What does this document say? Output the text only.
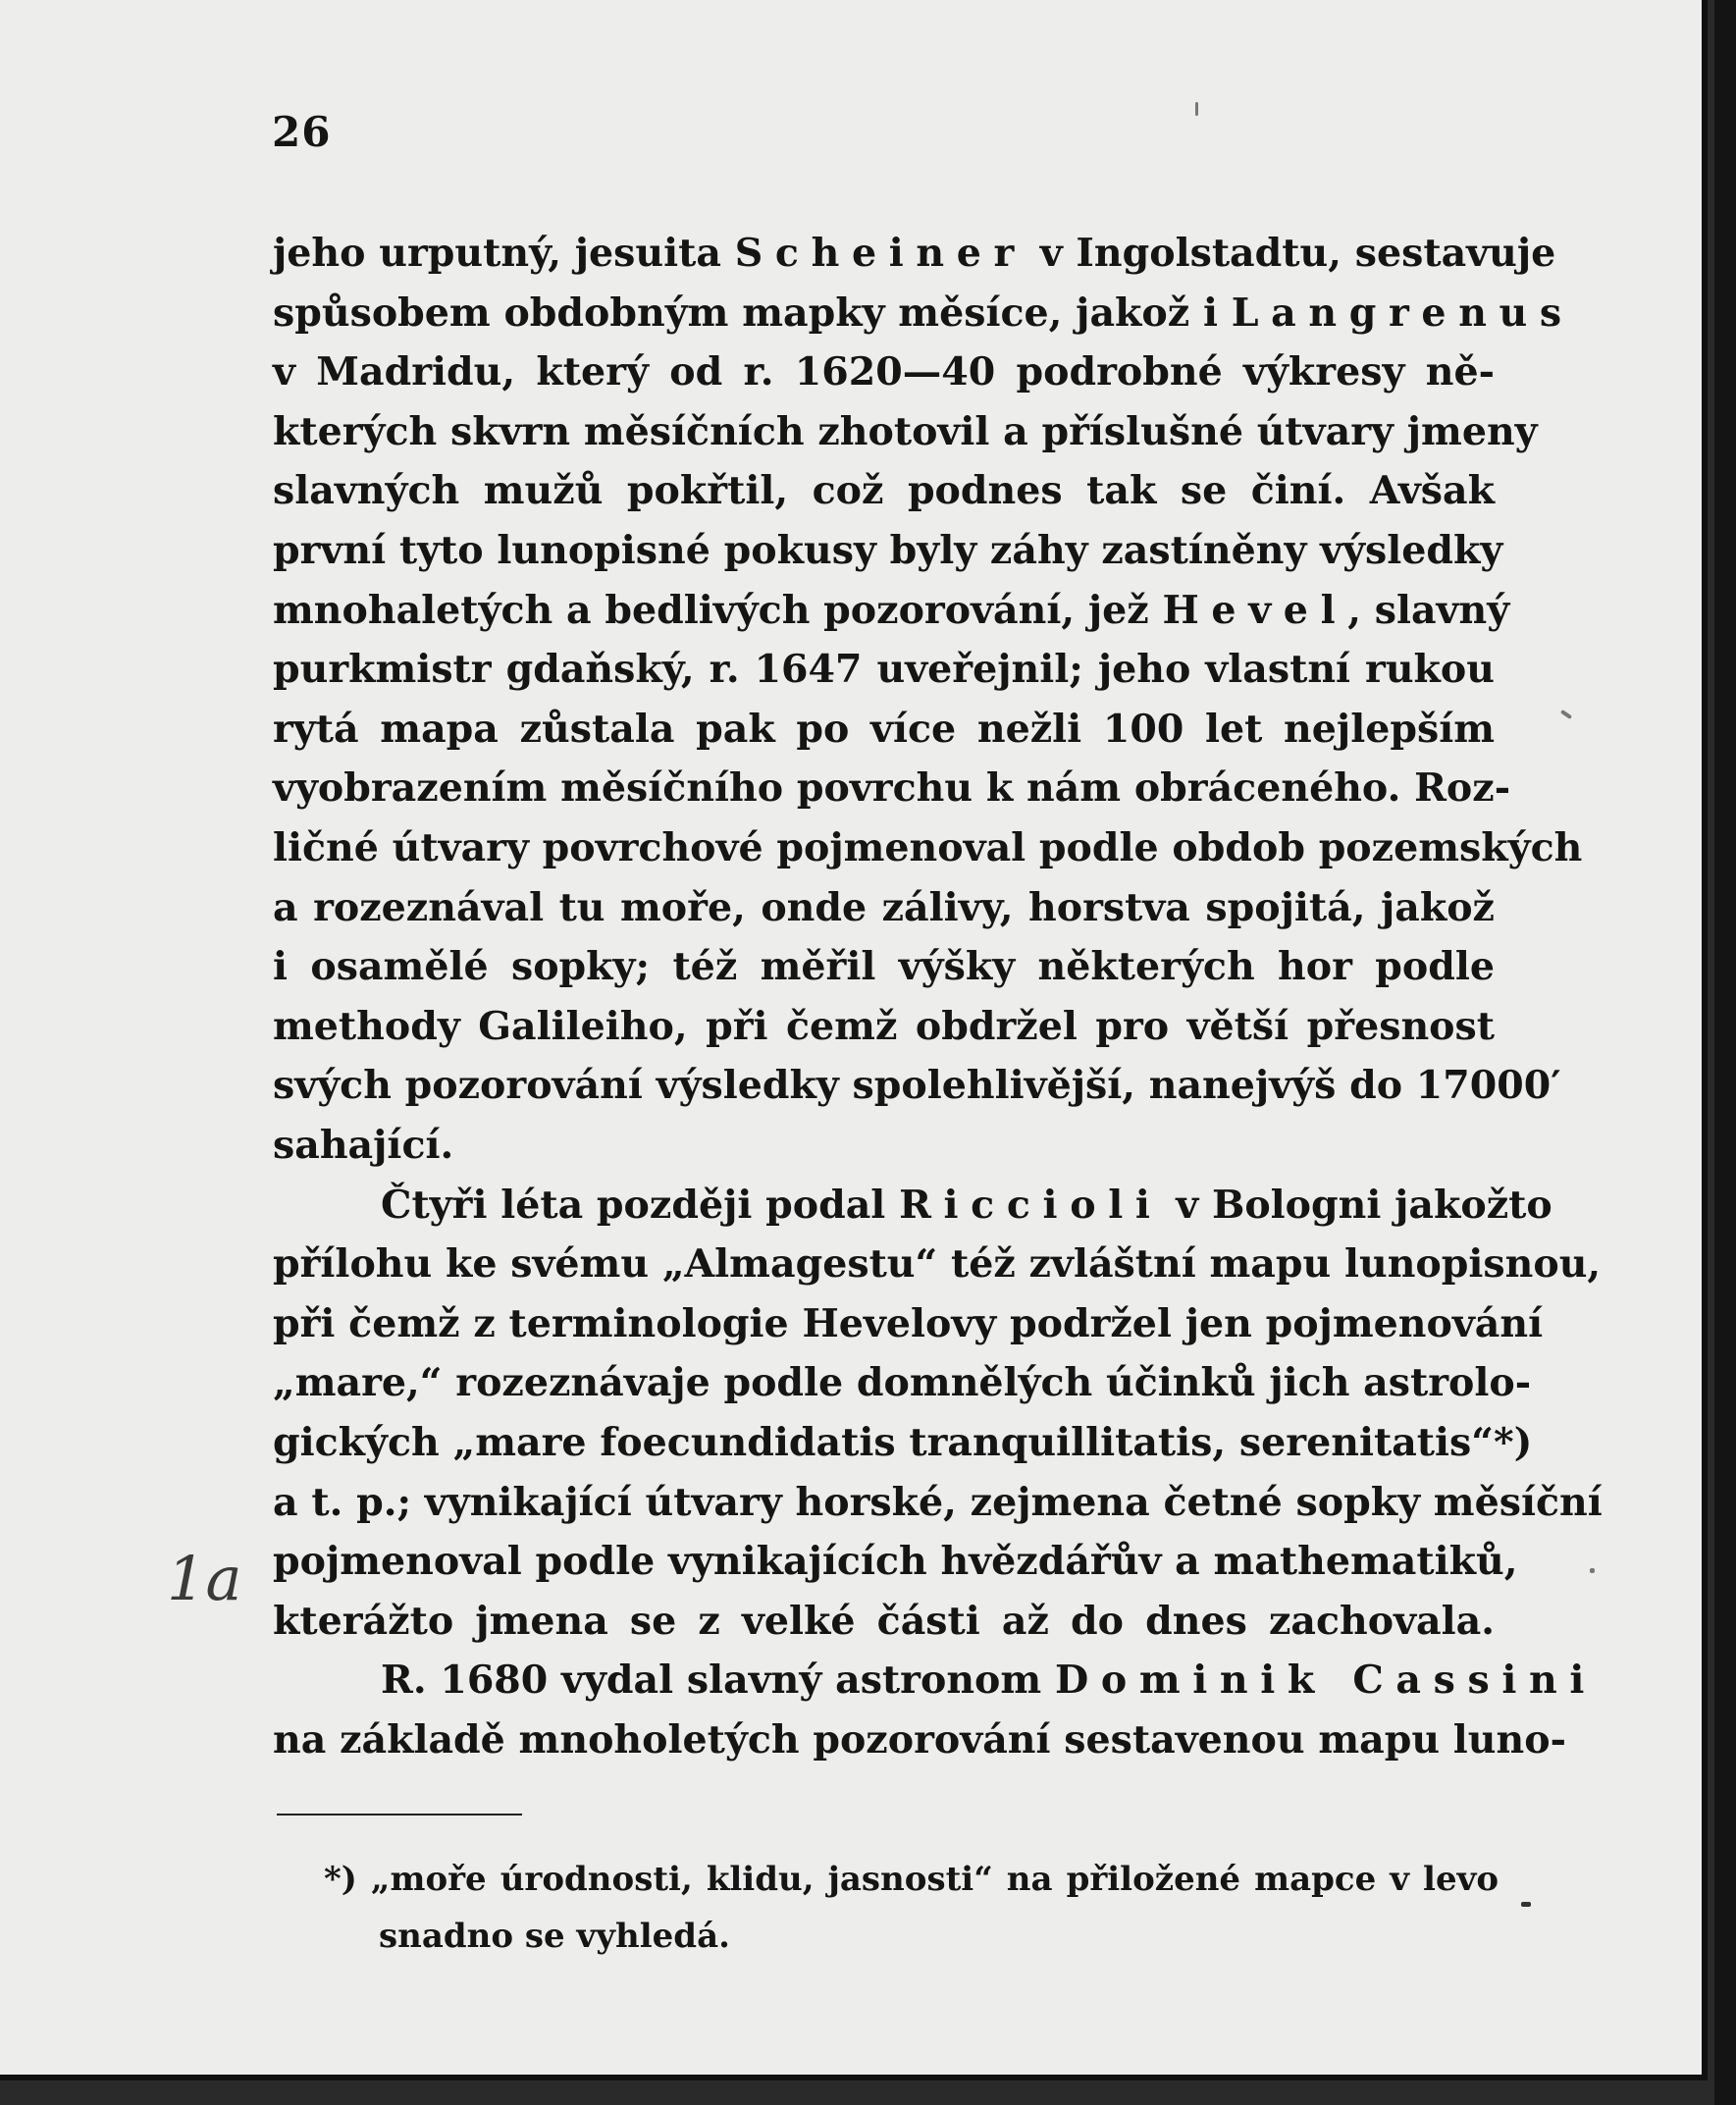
26
jeho urputný, jesuita Scheiner v Ingolstadtu, sestavuje
spůsobem obdobným mapky měsíce, jakož i Langrenus
v Madridu, který od r. 1620—40 podrobné výkresy ně-
kterých skvrn měsíčních zhotovil a příslušné útvary jmeny
slavných mužů pokřtil, což podnes tak se činí. Avšak
první tyto lunopisné pokusy byly záhy zastíněny výsledky
mnohaletých a bedlivých pozorování, jež Hevel, slavný
purkmistr gdaňský, r. 1647 uveřejnil; jeho vlastní rukou
rytá mapa zůstala pak po více nežli 100 let nejlepším
vyobrazením měsíčního povrchu k nám obráceného. Roz-
ličné útvary povrchové pojmenoval podle obdob pozemských
a rozeznával tu moře, onde zálivy, horstva spojitá, jakož
i osamělé sopky; též měřil výšky některých hor podle
methody Galileiho, při čemž obdržel pro větší přesnost
svých pozorování výsledky spolehlivější, nanejvýš do 17000′
sahající.
Čtyři léta později podal Riccioli v Bologni jakožto
přílohu ke svému „Almagestu“ též zvláštní mapu lunopisnou,
při čemž z terminologie Hevelovy podržel jen pojmenování
„mare,“ rozeznávaje podle domnělých účinků jich astrolo-
gických „mare foecundidatis tranquillitatis, serenitatis“*)
a t. p.; vynikající útvary horské, zejmena četné sopky měsíční
pojmenoval podle vynikajících hvězdářův a mathematiků,
kterážto jmena se z velké části až do dnes zachovala.
R. 1680 vydal slavný astronom Dominik Cassini
na základě mnoholetých pozorování sestavenou mapu luno-
1a
*) „moře úrodnosti, klidu, jasnosti“ na přiložené mapce v levo
snadno se vyhledá.
